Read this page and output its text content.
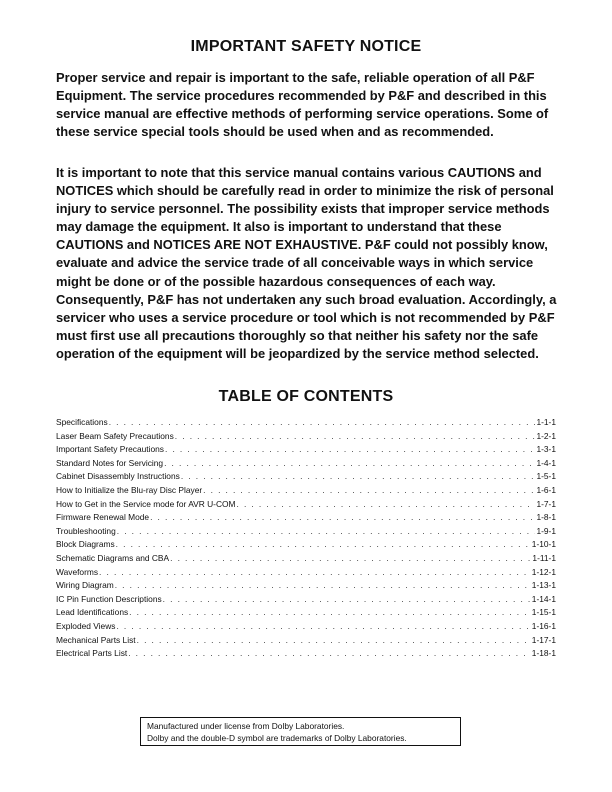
IMPORTANT SAFETY NOTICE

Proper service and repair is important to the safe, reliable operation of all P&F Equipment. The service procedures recommended by P&F and described in this service manual are effective methods of performing service operations. Some of these service special tools should be used when and as recommended.

It is important to note that this service manual contains various CAUTIONS and NOTICES which should be carefully read in order to minimize the risk of personal injury to service personnel. The possibility exists that improper service methods may damage the equipment. It also is important to understand that these CAUTIONS and NOTICES ARE NOT EXHAUSTIVE. P&F could not possibly know, evaluate and advice the service trade of all conceivable ways in which service might be done or of the possible hazardous consequences of each way. Consequently, P&F has not undertaken any such broad evaluation. Accordingly, a servicer who uses a service procedure or tool which is not recommended by P&F must first use all precautions thoroughly so that neither his safety nor the safe operation of the equipment will be jeopardized by the service method selected.

TABLE OF CONTENTS
Specifications . . .	1-1-1
Laser Beam Safety Precautions . . .	1-2-1
Important Safety Precautions . . .	1-3-1
Standard Notes for Servicing . . .	1-4-1
Cabinet Disassembly Instructions . . .	1-5-1
How to Initialize the Blu-ray Disc Player . . .	1-6-1
How to Get in the Service mode for AVR U-COM . . .	1-7-1
Firmware Renewal Mode . . .	1-8-1
Troubleshooting . . .	1-9-1
Block Diagrams . . .	1-10-1
Schematic Diagrams and CBA . . .	1-11-1
Waveforms . . .	1-12-1
Wiring Diagram . . .	1-13-1
IC Pin Function Descriptions . . .	1-14-1
Lead Identifications . . .	1-15-1
Exploded Views . . .	1-16-1
Mechanical Parts List . . .	1-17-1
Electrical Parts List . . .	1-18-1
Manufactured under license from Dolby Laboratories.
Dolby and the double-D symbol are trademarks of Dolby Laboratories.
